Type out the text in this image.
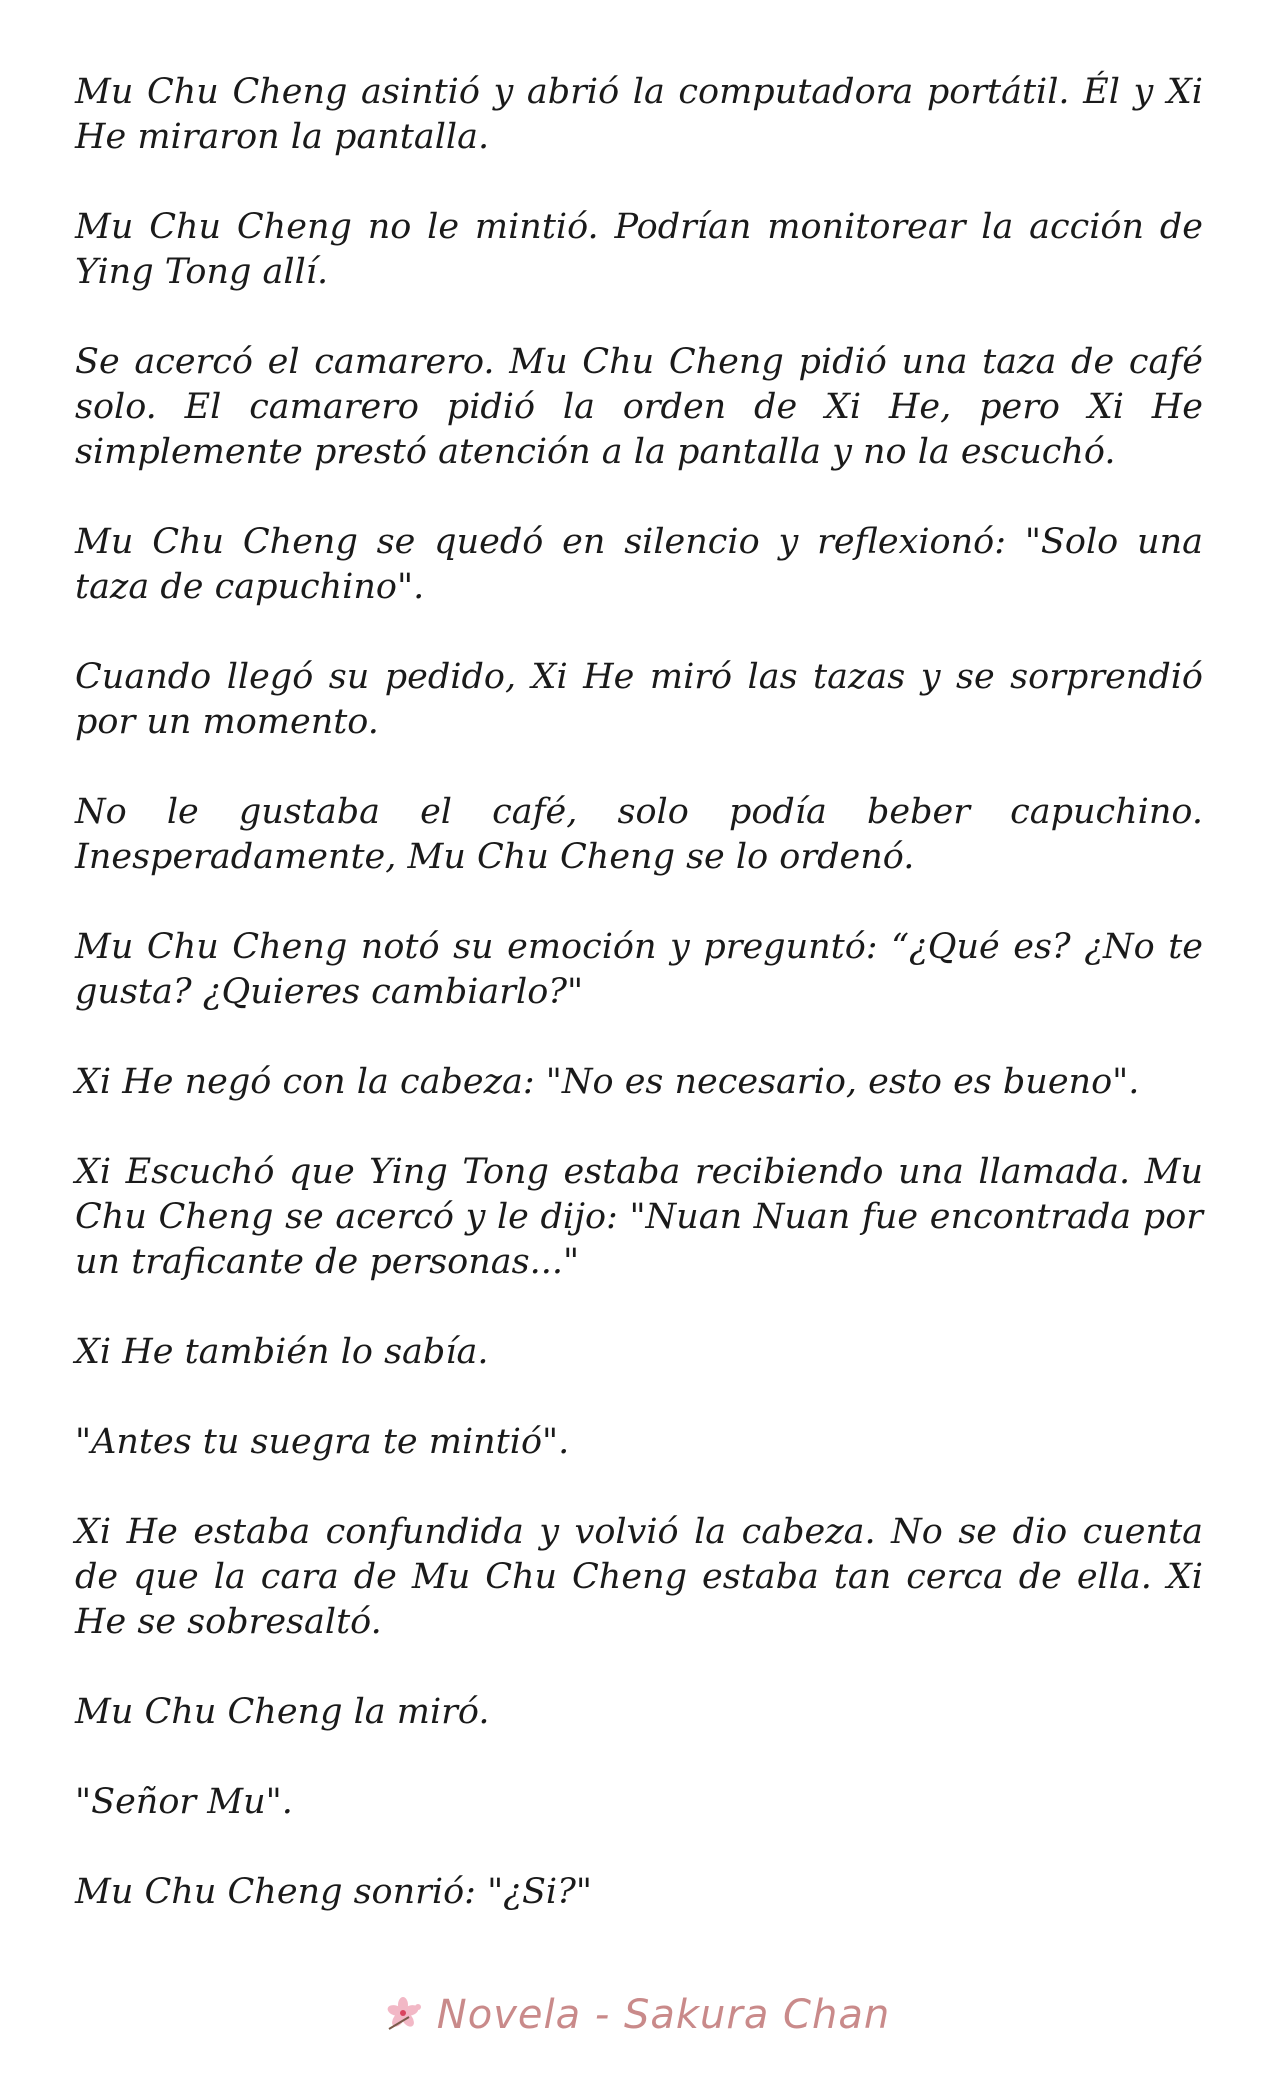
Mu Chu Cheng asintió y abrió la computadora portátil. Él y Xi He miraron la pantalla.

Mu Chu Cheng no le mintió. Podrían monitorear la acción de Ying Tong allí.

Se acercó el camarero. Mu Chu Cheng pidió una taza de café solo. El camarero pidió la orden de Xi He, pero Xi He simplemente prestó atención a la pantalla y no la escuchó.

Mu Chu Cheng se quedó en silencio y reflexionó: "Solo una taza de capuchino".

Cuando llegó su pedido, Xi He miró las tazas y se sorprendió por un momento.

No le gustaba el café, solo podía beber capuchino. Inesperadamente, Mu Chu Cheng se lo ordenó.

Mu Chu Cheng notó su emoción y preguntó: “¿Qué es? ¿No te gusta? ¿Quieres cambiarlo?"

Xi He negó con la cabeza: "No es necesario, esto es bueno".

Xi Escuchó que Ying Tong estaba recibiendo una llamada. Mu Chu Cheng se acercó y le dijo: "Nuan Nuan fue encontrada por un traficante de personas..."

Xi He también lo sabía.

"Antes tu suegra te mintió".

Xi He estaba confundida y volvió la cabeza. No se dio cuenta de que la cara de Mu Chu Cheng estaba tan cerca de ella. Xi He se sobresaltó.

Mu Chu Cheng la miró.

"Señor Mu".

Mu Chu Cheng sonrió: "¿Si?"

Novela - Sakura Chan
